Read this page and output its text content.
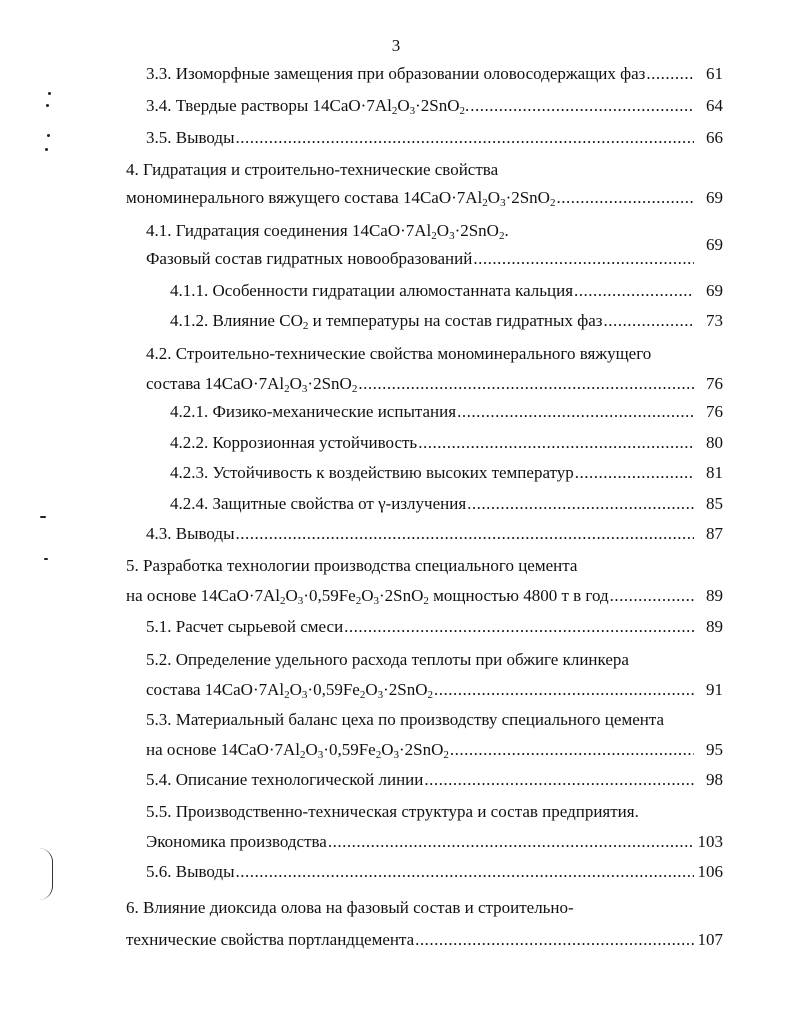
3
3.3. Изоморфные замещения при образовании оловосодержащих фаз
.....
3.4. Твердые растворы $14CaO\cdot 7Al_2O_3\cdot 2SnO_2$.
.....
3.5. Выводы
.....
4. Гидратация и строительно-технические свойства
мономинерального вяжущего состава $14CaO\cdot 7Al_2O_3\cdot 2SnO_2$
.....
4.1. Гидратация соединения $14CaO\cdot 7Al_2O_3\cdot 2SnO_2$.
Фазовый состав гидратных новообразований
.....
4.1.1. Особенности гидратации алюмостанната кальция
.....
4.1.2. Влияние $CO_2$ и температуры на состав гидратных фаз
.....
4.2. Строительно-технические свойства мономинерального вяжущего
состава $14CaO\cdot 7Al_2O_3\cdot 2SnO_2$
.....
4.2.1. Физико-механические испытания
.....
4.2.2. Коррозионная устойчивость
.....
4.2.3. Устойчивость к воздействию высоких температур
.....
4.2.4. Защитные свойства от γ-излучения
.....
4.3. Выводы
.....
5. Разработка технологии производства специального цемента
на основе $14CaO\cdot 7Al_2O_3\cdot 0,59Fe_2O_3\cdot 2SnO_2$ мощностью 4800 т в год
.....
5.1. Расчет сырьевой смеси
.....
5.2. Определение удельного расхода теплоты при обжиге клинкера
состава $14CaO\cdot 7Al_2O_3\cdot 0,59Fe_2O_3\cdot 2SnO_2$
.....
5.3. Материальный баланс цеха по производству специального цемента
на основе $14CaO\cdot 7Al_2O_3\cdot 0,59Fe_2O_3\cdot 2SnO_2$
.....
5.4. Описание технологической линии
.....
5.5. Производственно-техническая структура и состав предприятия.
Экономика производства
.....
5.6. Выводы
.....
6. Влияние диоксида олова на фазовый состав и строительно-
технические свойства портландцемента
.....
61
64
66
69
69
69
73
76
76
80
81
85
87
89
89
91
95
98
103
106
107
